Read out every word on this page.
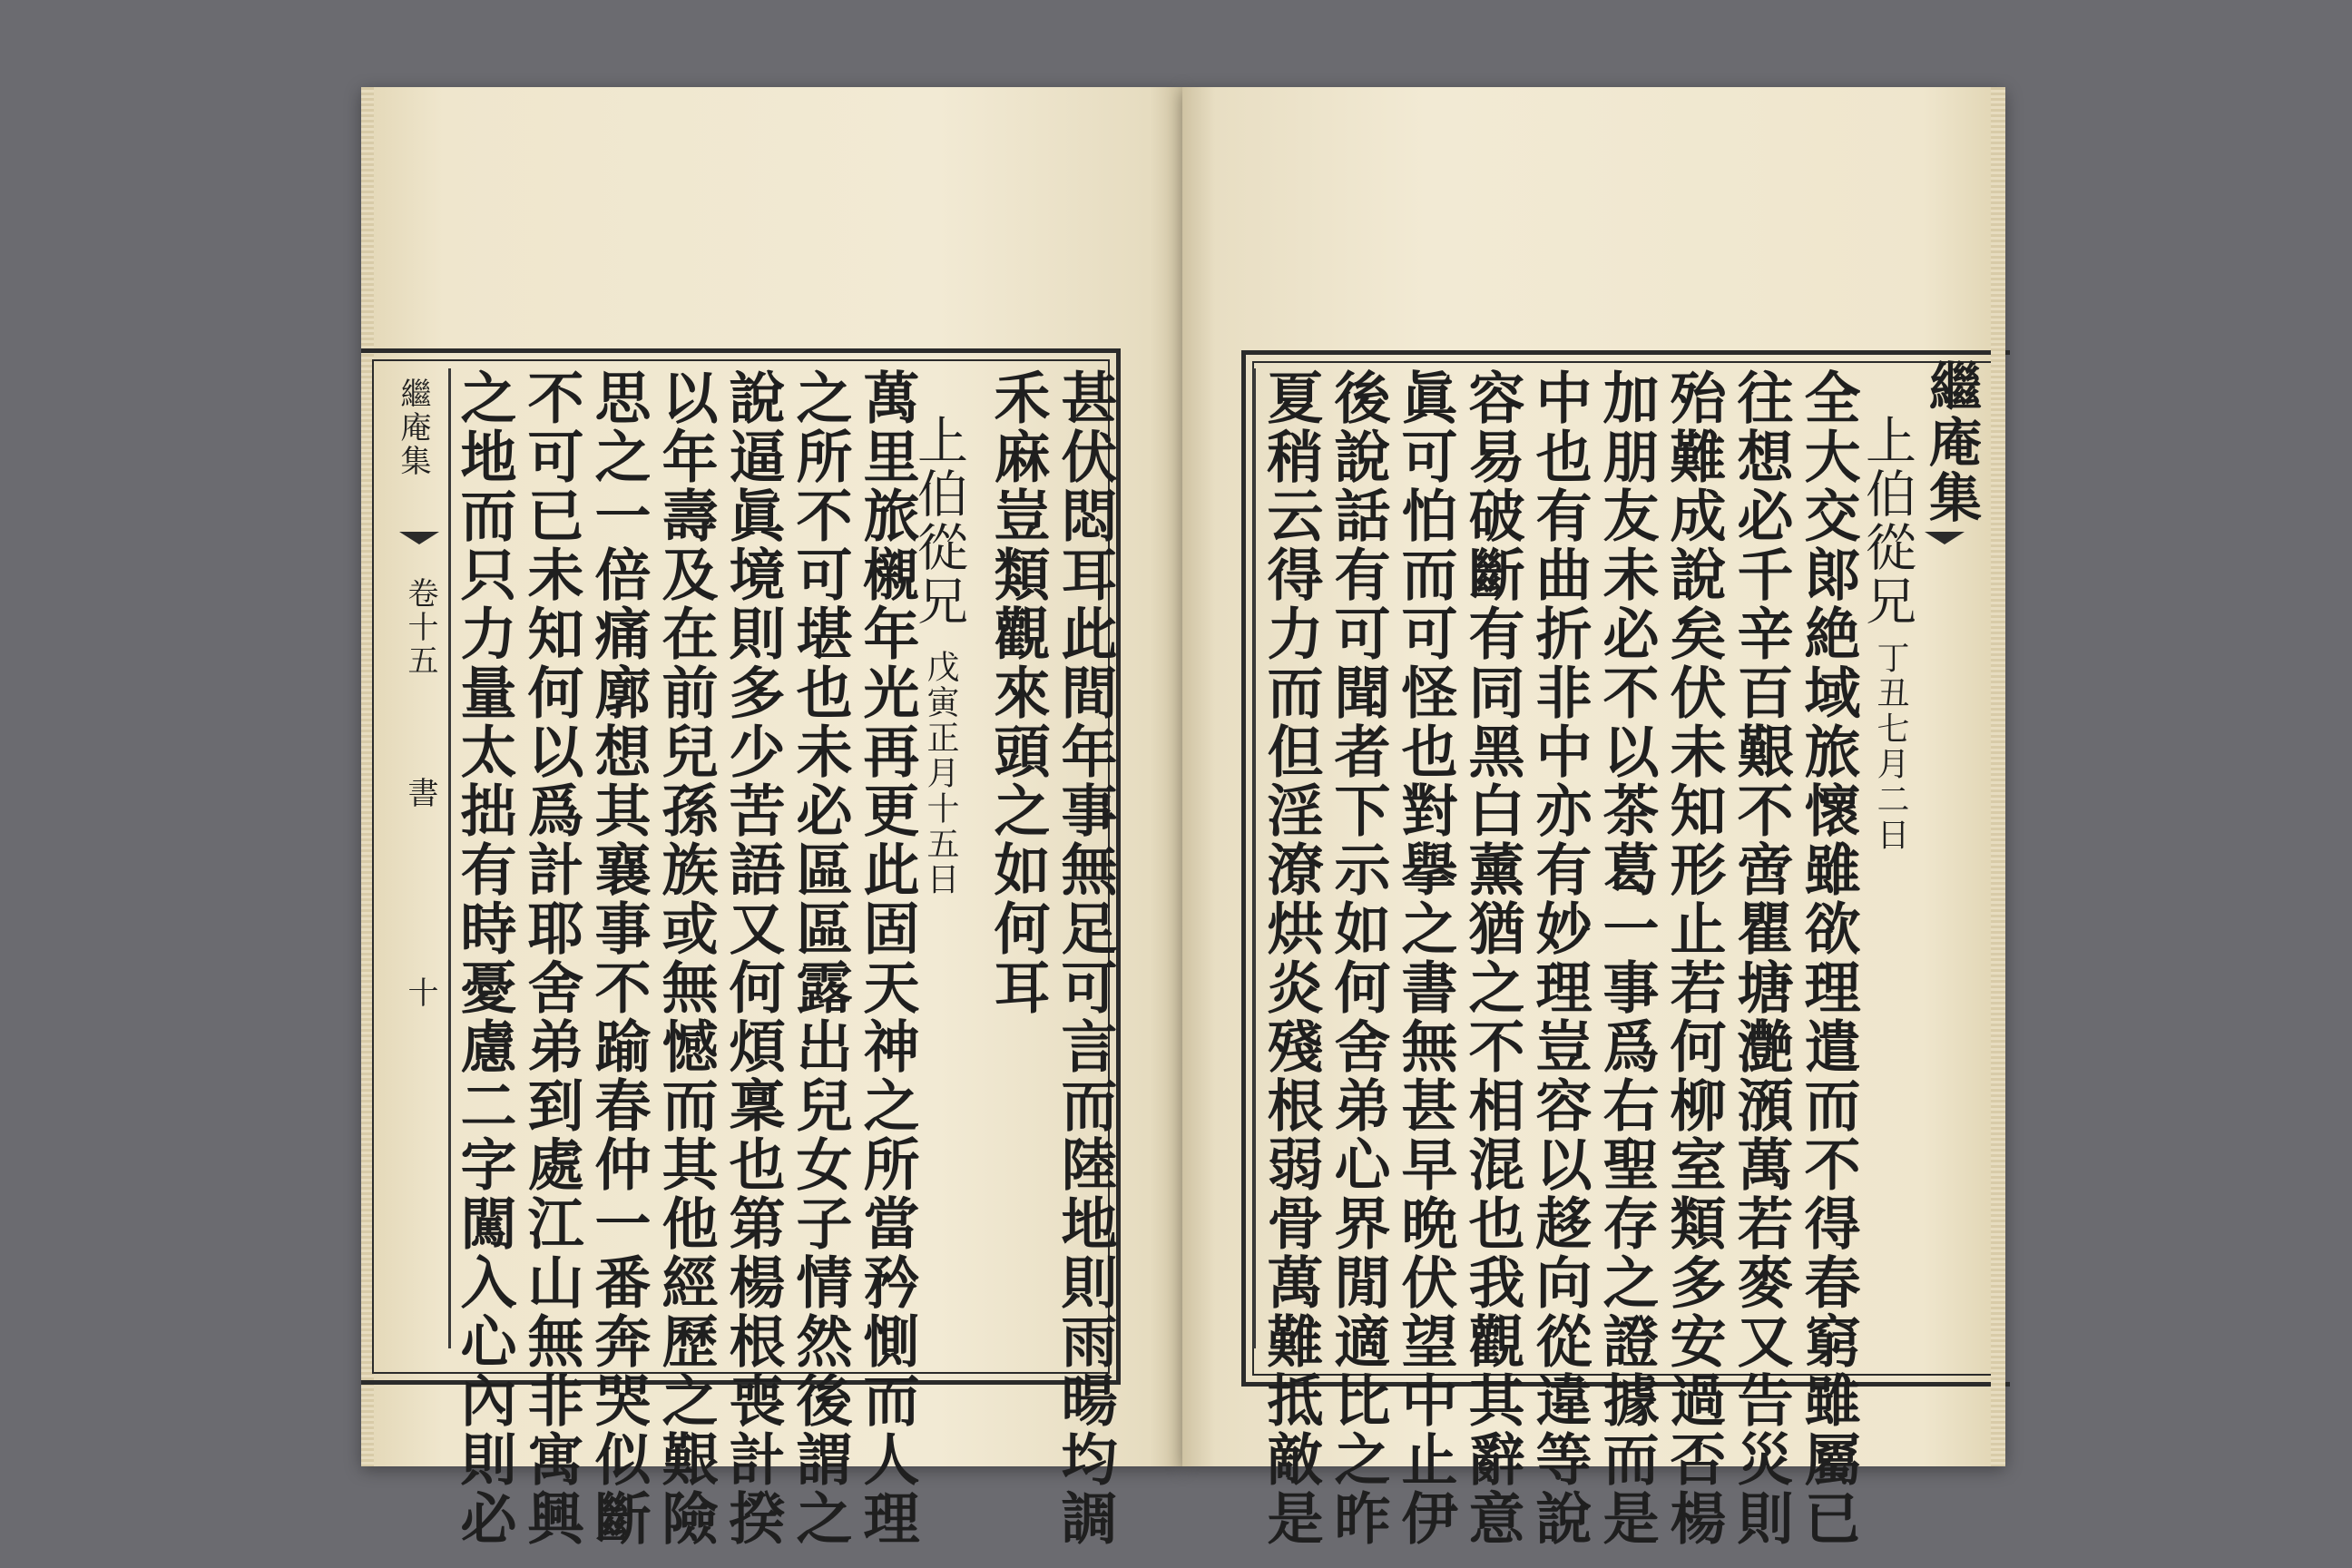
繼庵集
卷十五
書
十 之地而只力量太拙有時憂慮二字闖入心內則必 不可已未知何以爲計耶舍弟到處江山無非寓興 思之一倍痛廓想其襄事不踰春仲一番奔哭似斷 以年壽及在前兒孫族或無憾而其他經歷之艱險 說逼眞境則多少苦語又何煩稟也第楊根喪計揆 之所不可堪也未必區區露出兒女子情然後謂之 萬里旅櫬年光再更此固天神之所當矜惻而人理
上伯從兄
戊寅正月十五日 禾麻豈類觀來頭之如何耳 甚伏悶耳此間年事無足可言而陸地則雨暘均調 夏稍云得力而但淫潦烘炎殘根弱骨萬難抵敵是 後說話有可聞者下示如何舍弟心界閒適比之昨 眞可怕而可怪也對擧之書無甚早晩伏望中止伊 容易破斷有同黑白薰猶之不相混也我觀其辭意 中也有曲折非中亦有妙理豈容以趍向從違等說 加朋友未必不以茶葛一事爲右聖存之證據而是 殆難成說矣伏未知形止若何柳室類多安過否楊 往想必千辛百艱不啻瞿塘灔澦萬若麥又告災則 全大交郞絶域旅懷雖欲理遣而不得春窮雖屬已
上伯從兄
丁丑七月二日
繼庵集
